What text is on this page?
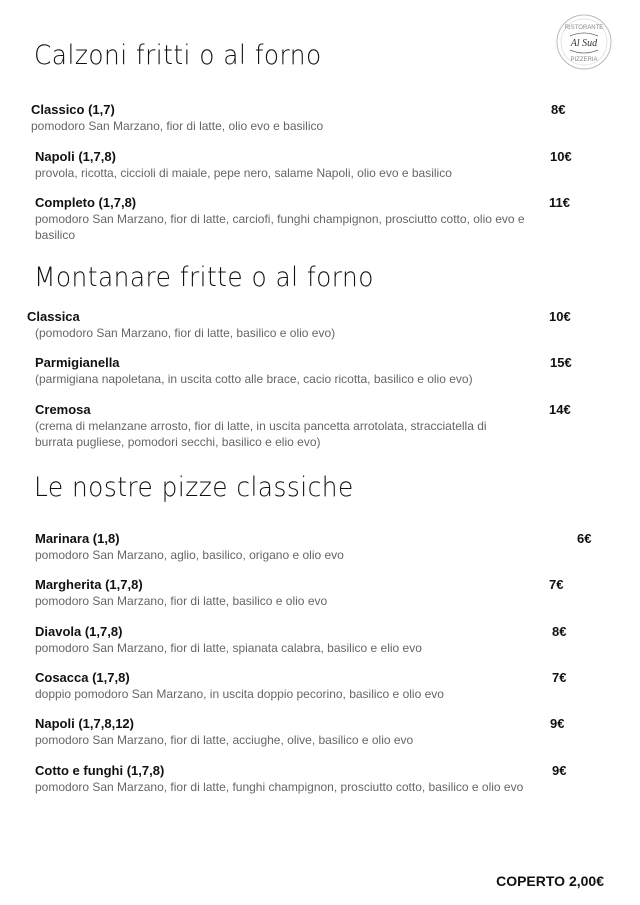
RISTORANTE
Al Sud
PIZZERIA
Calzoni fritti o al forno
Classico (1,7)
pomodoro San Marzano, fior di latte, olio evo e basilico
8€
Napoli (1,7,8)
provola, ricotta, ciccioli di maiale, pepe nero, salame Napoli, olio evo e basilico
10€
Completo (1,7,8)
pomodoro San Marzano, fior di latte, carciofi, funghi champignon, prosciutto cotto, olio evo e basilico
11€
Montanare fritte o al forno
Classica
(pomodoro San Marzano, fior di latte, basilico e olio evo)
10€
Parmigianella
(parmigiana napoletana, in uscita cotto alle brace, cacio ricotta, basilico e olio evo)
15€
Cremosa
(crema di melanzane arrosto, fior di latte, in uscita pancetta arrotolata, stracciatella di burrata pugliese, pomodori secchi, basilico e elio evo)
14€
Le nostre pizze classiche
Marinara (1,8)
pomodoro San Marzano, aglio, basilico, origano e olio evo
6€
Margherita (1,7,8)
pomodoro San Marzano, fior di latte, basilico e olio evo
7€
Diavola (1,7,8)
pomodoro San Marzano, fior di latte, spianata calabra, basilico e elio evo
8€
Cosacca (1,7,8)
doppio pomodoro San Marzano, in uscita doppio pecorino, basilico e olio evo
7€
Napoli (1,7,8,12)
pomodoro San Marzano, fior di latte, acciughe, olive, basilico e olio evo
9€
Cotto e funghi (1,7,8)
pomodoro San Marzano, fior di latte, funghi champignon, prosciutto cotto, basilico e olio evo
9€
COPERTO 2,00€
